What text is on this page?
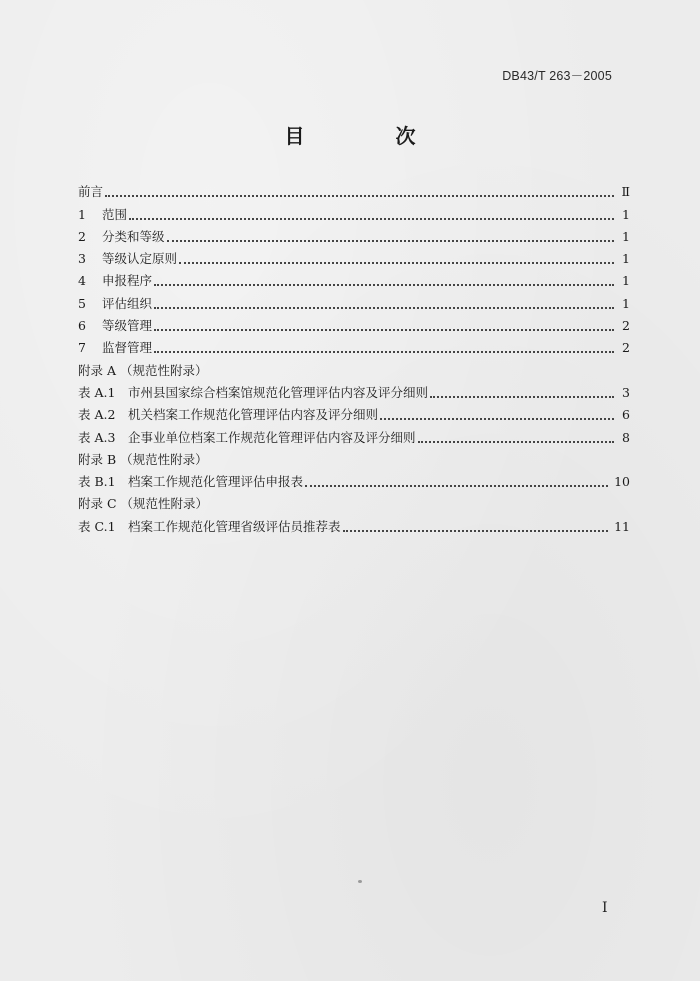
DB43/T 263－2005
目 次
前言	Ⅱ
1	范围	1
2	分类和等级	1
3	等级认定原则	1
4	申报程序	1
5	评估组织	1
6	等级管理	2
7	监督管理	2
附录 A （规范性附录）
表 A.1	市州县国家综合档案馆规范化管理评估内容及评分细则	3
表 A.2	机关档案工作规范化管理评估内容及评分细则	6
表 A.3	企事业单位档案工作规范化管理评估内容及评分细则	8
附录 B （规范性附录）
表 B.1 档案工作规范化管理评估申报表	10
附录 C （规范性附录）
表 C.1 档案工作规范化管理省级评估员推荐表	11
I
